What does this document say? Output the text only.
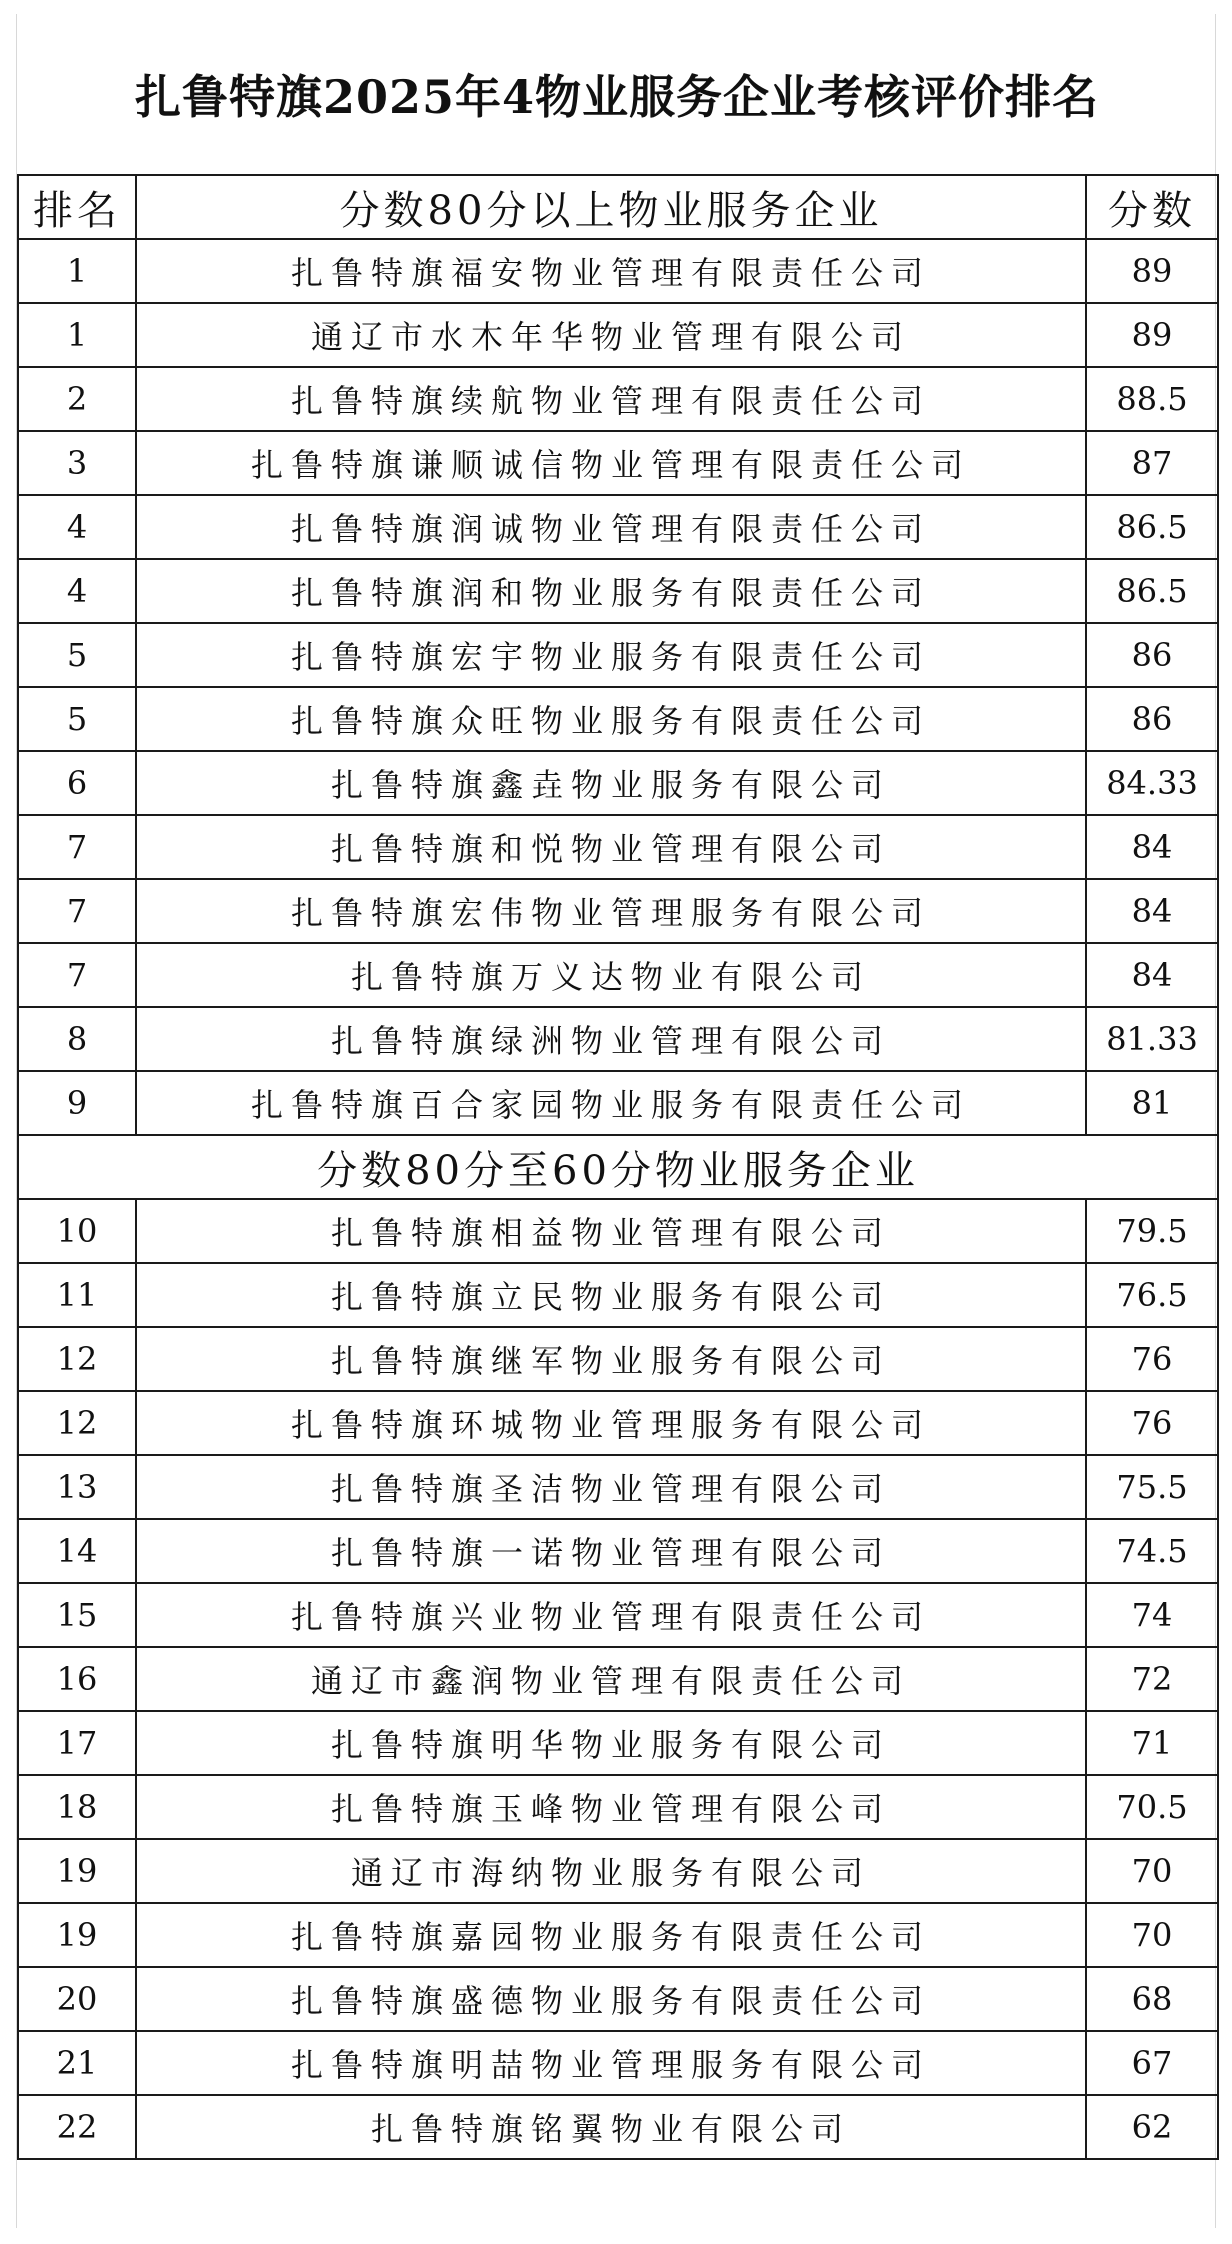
扎鲁特旗2025年4物业服务企业考核评价排名
排名	分数80分以上物业服务企业	分数
1	扎鲁特旗福安物业管理有限责任公司	89
1	通辽市水木年华物业管理有限公司	89
2	扎鲁特旗续航物业管理有限责任公司	88.5
3	扎鲁特旗谦顺诚信物业管理有限责任公司	87
4	扎鲁特旗润诚物业管理有限责任公司	86.5
4	扎鲁特旗润和物业服务有限责任公司	86.5
5	扎鲁特旗宏宇物业服务有限责任公司	86
5	扎鲁特旗众旺物业服务有限责任公司	86
6	扎鲁特旗鑫垚物业服务有限公司	84.33
7	扎鲁特旗和悦物业管理有限公司	84
7	扎鲁特旗宏伟物业管理服务有限公司	84
7	扎鲁特旗万义达物业有限公司	84
8	扎鲁特旗绿洲物业管理有限公司	81.33
9	扎鲁特旗百合家园物业服务有限责任公司	81
分数80分至60分物业服务企业		
10	扎鲁特旗相益物业管理有限公司	79.5
11	扎鲁特旗立民物业服务有限公司	76.5
12	扎鲁特旗继军物业服务有限公司	76
12	扎鲁特旗环城物业管理服务有限公司	76
13	扎鲁特旗圣洁物业管理有限公司	75.5
14	扎鲁特旗一诺物业管理有限公司	74.5
15	扎鲁特旗兴业物业管理有限责任公司	74
16	通辽市鑫润物业管理有限责任公司	72
17	扎鲁特旗明华物业服务有限公司	71
18	扎鲁特旗玉峰物业管理有限公司	70.5
19	通辽市海纳物业服务有限公司	70
19	扎鲁特旗嘉园物业服务有限责任公司	70
20	扎鲁特旗盛德物业服务有限责任公司	68
21	扎鲁特旗明喆物业管理服务有限公司	67
22	扎鲁特旗铭翼物业有限公司	62
